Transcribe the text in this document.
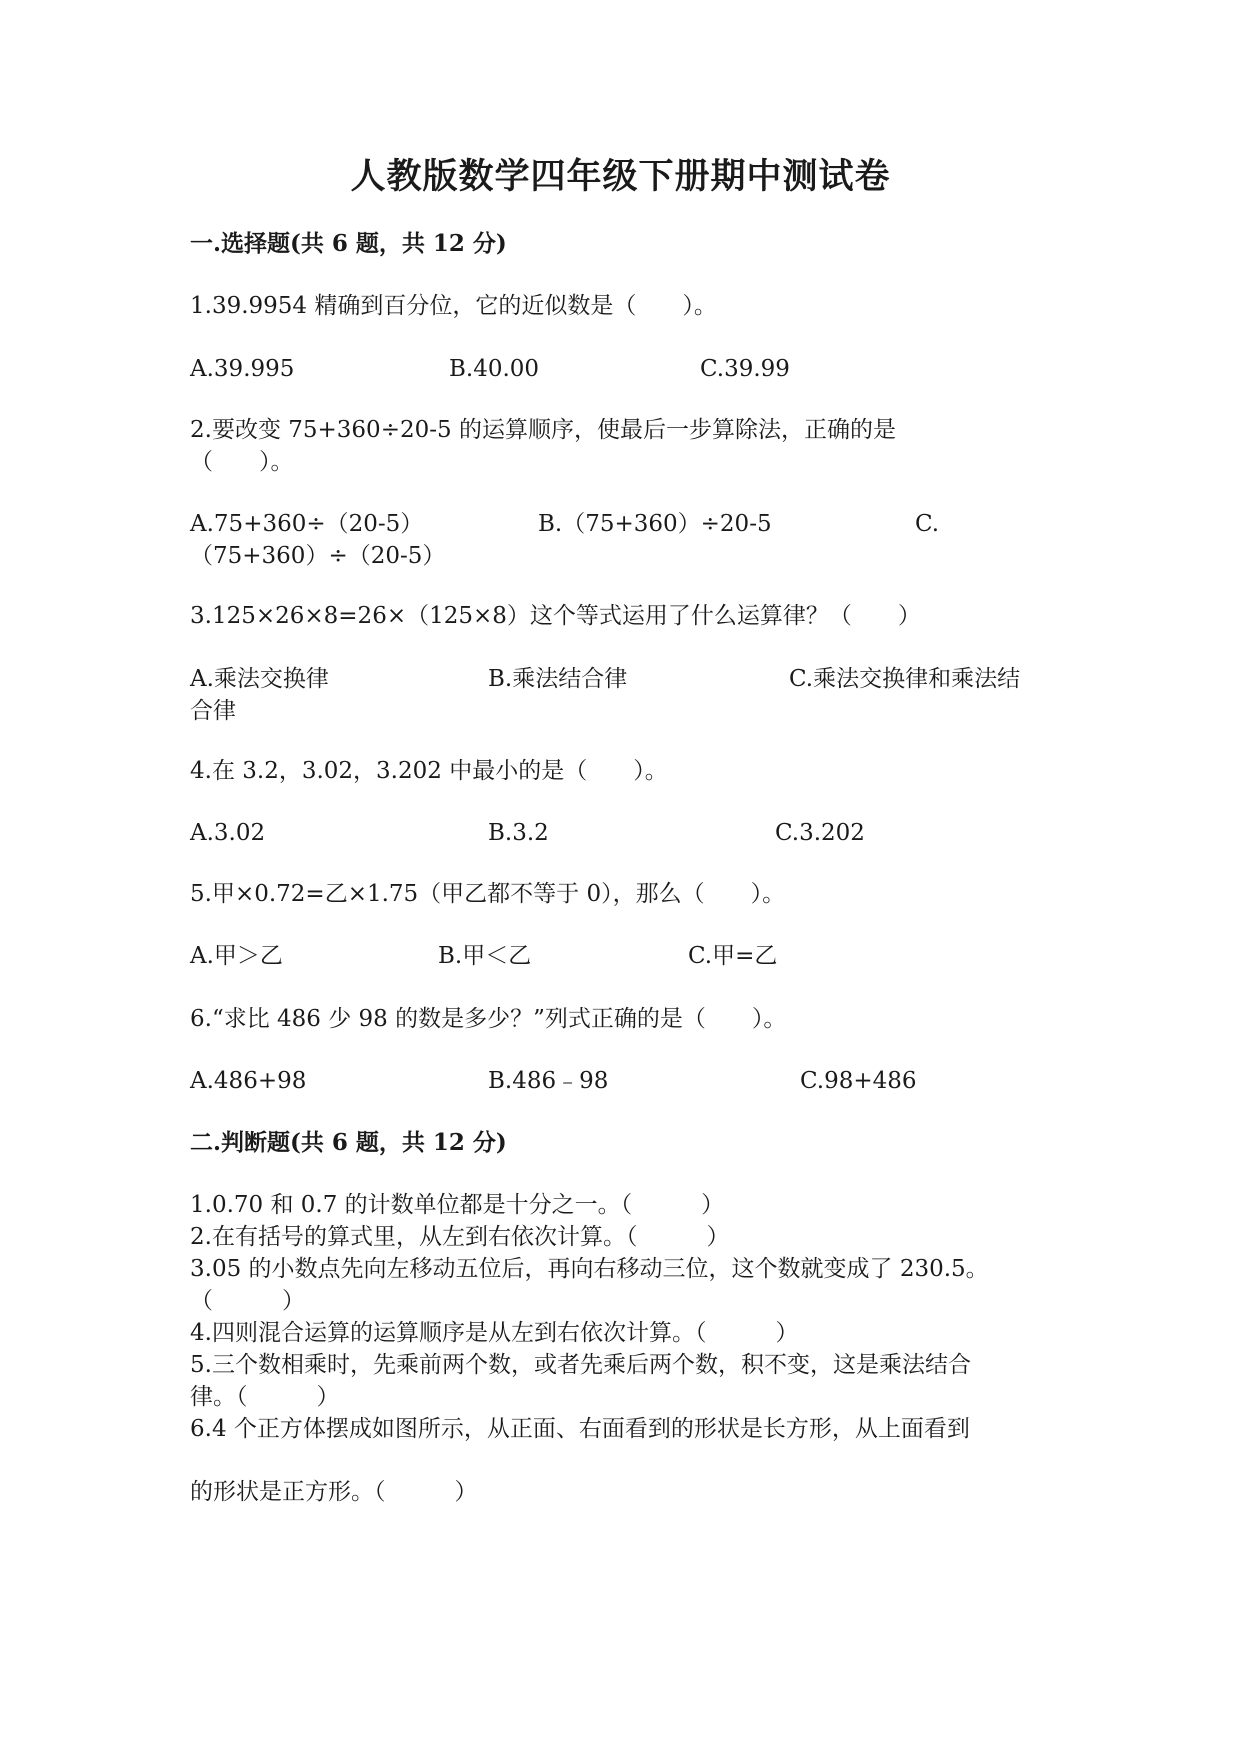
人教版数学四年级下册期中测试卷
一.选择题(共 6 题，共 12 分)

1.39.9954 精确到百分位，它的近似数是（　　）。

A.39.995	B.40.00	C.39.99

2.要改变 75+360÷20-5 的运算顺序，使最后一步算除法，正确的是

（　　）。

A.75+360÷（20-5）	B.（75+360）÷20-5	C.
（75+360）÷（20-5）

3.125×26×8=26×（125×8）这个等式运用了什么运算律？（　　）

A.乘法交换律	B.乘法结合律	C.乘法交换律和乘法结
合律

4.在 3.2，3.02，3.202 中最小的是（　　）。

A.3.02	B.3.2	C.3.202

5.甲×0.72=乙×1.75（甲乙都不等于 0），那么（　　）。

A.甲＞乙	B.甲＜乙	C.甲=乙

6.“求比 486 少 98 的数是多少？”列式正确的是（　　）。

A.486+98	B.486﹣98	C.98+486
二.判断题(共 6 题，共 12 分)

1.0.70 和 0.7 的计数单位都是十分之一。（　　　）

2.在有括号的算式里，从左到右依次计算。（　　　）

3.05 的小数点先向左移动五位后，再向右移动三位，这个数就变成了 230.5。

（　　　）

4.四则混合运算的运算顺序是从左到右依次计算。（　　　）

5.三个数相乘时，先乘前两个数，或者先乘后两个数，积不变，这是乘法结合

律。（　　　）

6.4 个正方体摆成如图所示，从正面、右面看到的形状是长方形，从上面看到

的形状是正方形。（　　　）
